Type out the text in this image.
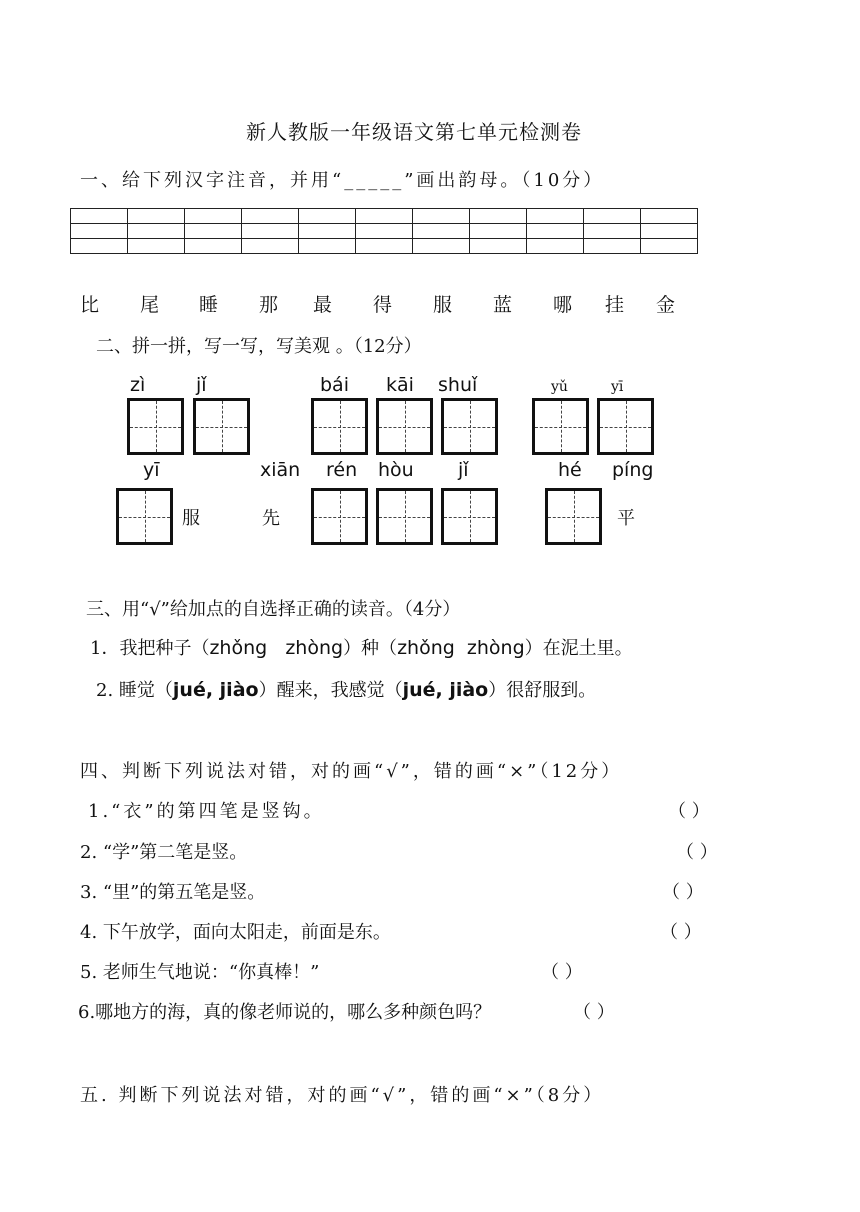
新人教版一年级语文第七单元检测卷
一、给下列汉字注音，并用“_____”画出韵母。（10分）

比 尾 睡 那 最 得 服 蓝 哪 挂 金
二、拼一拼，写一写，写美观 。（12分）
zì	jǐ	bái kāi shuǐ	yǔ	yī
yī	xiān rén hòu jǐ	hé píng
服	先	平
三、用“√”给加点的自选择正确的读音。（4分）
1．我把种子（zhǒng   zhòng）种（zhǒng  zhòng）在泥土里。
2. 睡觉（jué, jiào）醒来，我感觉（jué, jiào）很舒服到。
四、判断下列说法对错，对的画“√”，错的画“×”（12分）
1.“衣”的第四笔是竖钩。	（ ）
2. “学”第二笔是竖。	（ ）
3. “里”的第五笔是竖。	（ ）
4. 下午放学，面向太阳走，前面是东。	（ ）
5. 老师生气地说：“你真棒！”	（ ）
6.哪地方的海，真的像老师说的，哪么多种颜色吗？	（ ）
五. 判断下列说法对错，对的画“√”，错的画“×”（8分）
